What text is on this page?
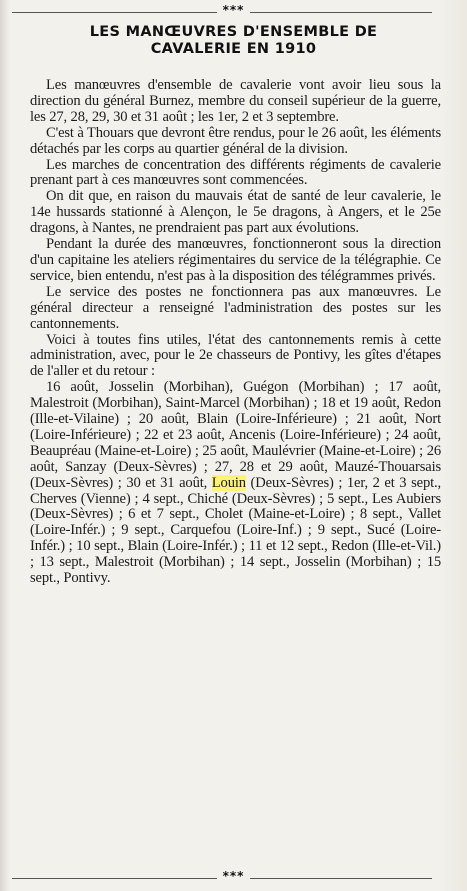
***
LES MANŒUVRES D'ENSEMBLE DE
CAVALERIE EN 1910

Les manœuvres d'ensemble de cavalerie vont avoir lieu sous la direction du général Burnez, membre du conseil supérieur de la guerre, les 27, 28, 29, 30 et 31 août ; les 1er, 2 et 3 septembre.

C'est à Thouars que devront être rendus, pour le 26 août, les éléments détachés par les corps au quartier général de la division.

Les marches de concentration des différents régiments de cavalerie prenant part à ces manœuvres sont commencées.

On dit que, en raison du mauvais état de santé de leur cavalerie, le 14e hussards stationné à Alençon, le 5e dragons, à Angers, et le 25e dragons, à Nantes, ne prendraient pas part aux évolutions.

Pendant la durée des manœuvres, fonctionneront sous la direction d'un capitaine les ateliers régimentaires du service de la télégraphie. Ce service, bien entendu, n'est pas à la disposition des télégrammes privés.

Le service des postes ne fonctionnera pas aux manœuvres. Le général directeur a renseigné l'administration des postes sur les cantonnements.

Voici à toutes fins utiles, l'état des cantonnements remis à cette administration, avec, pour le 2e chasseurs de Pontivy, les gîtes d'étapes de l'aller et du retour :

16 août, Josselin (Morbihan), Guégon (Morbihan) ; 17 août, Malestroit (Morbihan), Saint-Marcel (Morbihan) ; 18 et 19 août, Redon (Ille-et-Vilaine) ; 20 août, Blain (Loire-Inférieure) ; 21 août, Nort (Loire-Inférieure) ; 22 et 23 août, Ancenis (Loire-Inférieure) ; 24 août, Beaupréau (Maine-et-Loire) ; 25 août, Maulévrier (Maine-et-Loire) ; 26 août, Sanzay (Deux-Sèvres) ; 27, 28 et 29 août, Mauzé-Thouarsais (Deux-Sèvres) ; 30 et 31 août, Louin (Deux-Sèvres) ; 1er, 2 et 3 sept., Cherves (Vienne) ; 4 sept., Chiché (Deux-Sèvres) ; 5 sept., Les Aubiers (Deux-Sèvres) ; 6 et 7 sept., Cholet (Maine-et-Loire) ; 8 sept., Vallet (Loire-Infér.) ; 9 sept., Carquefou (Loire-Inf.) ; 9 sept., Sucé (Loire-Infér.) ; 10 sept., Blain (Loire-Infér.) ; 11 et 12 sept., Redon (Ille-et-Vil.) ; 13 sept., Malestroit (Morbihan) ; 14 sept., Josselin (Morbihan) ; 15 sept., Pontivy.

***
